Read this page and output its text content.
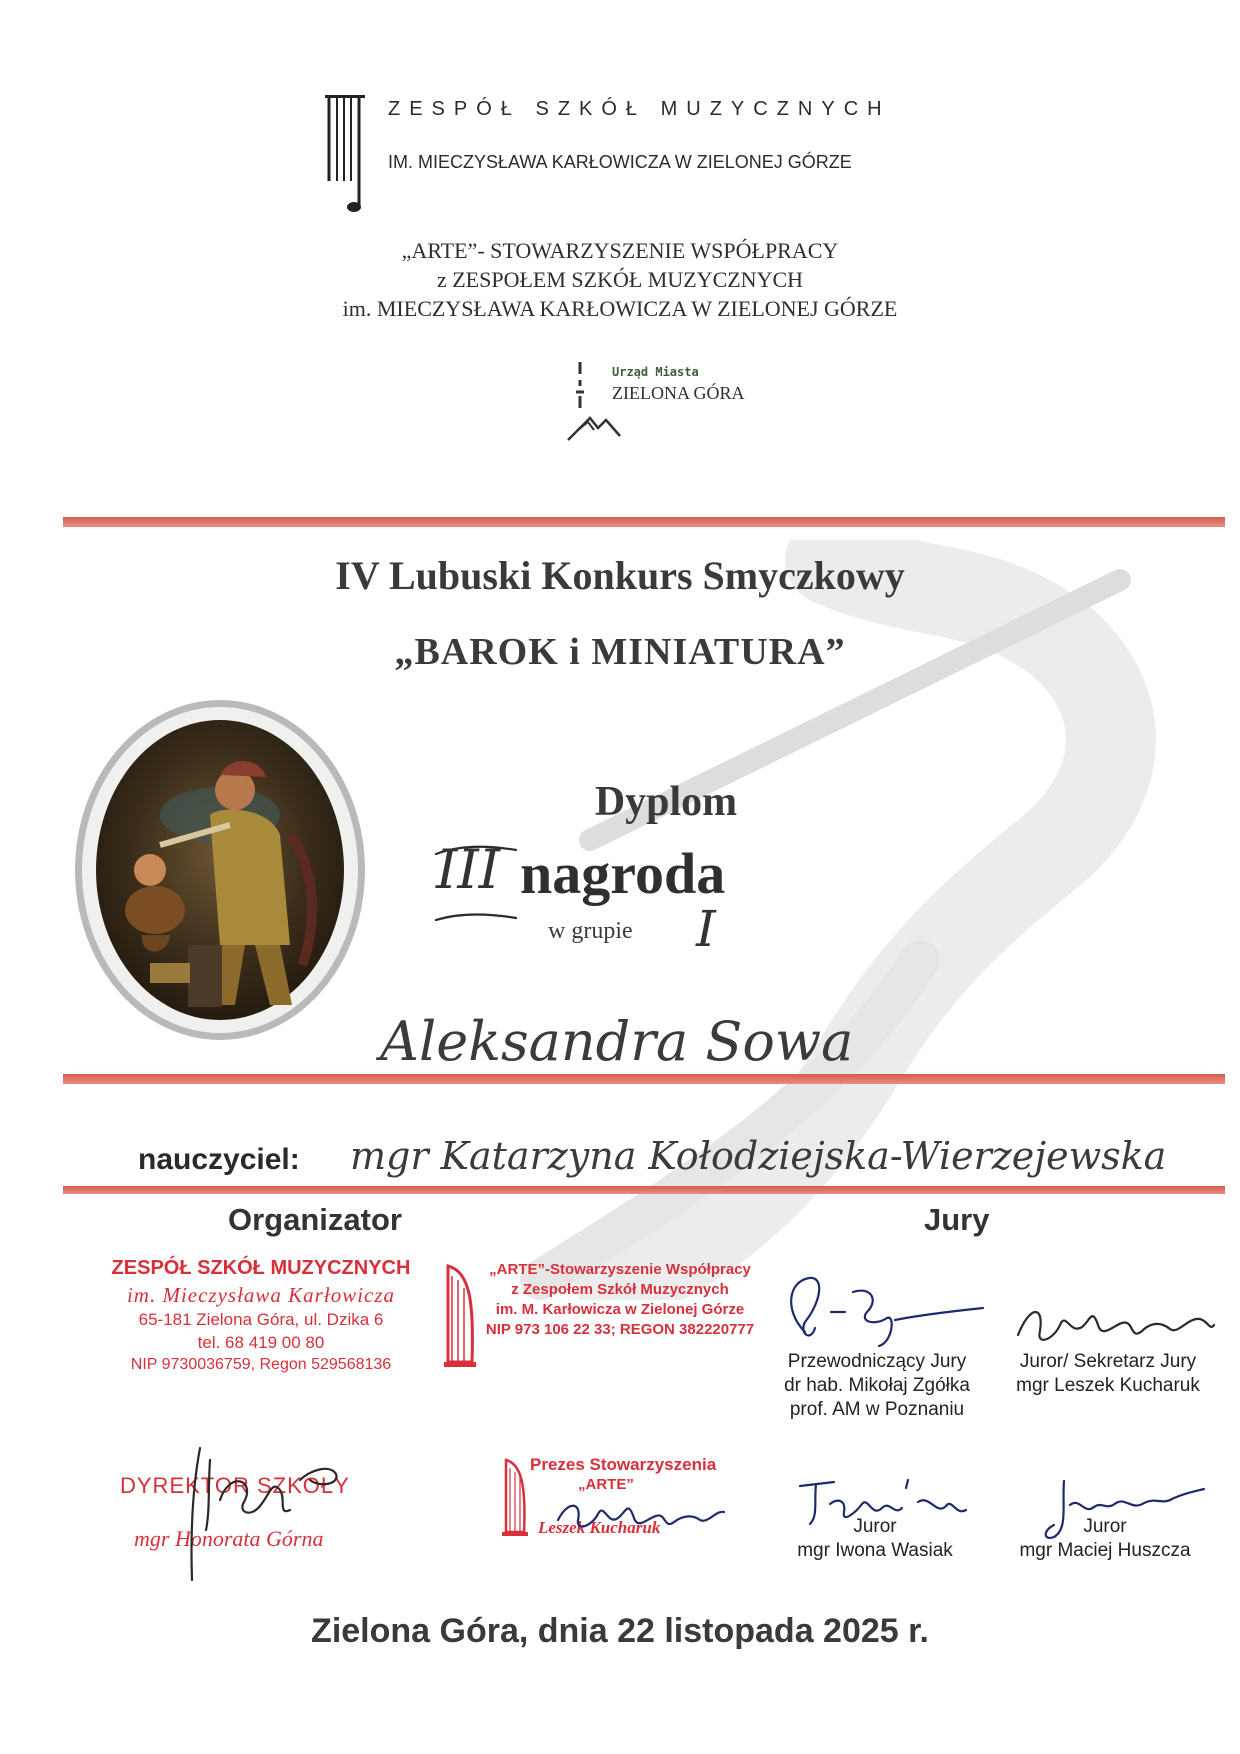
ZESPÓŁ SZKÓŁ MUZYCZNYCH
IM. MIECZYSŁAWA KARŁOWICZA W ZIELONEJ GÓRZE
„ARTE”- STOWARZYSZENIE WSPÓŁPRACY
z ZESPOŁEM SZKÓŁ MUZYCZNYCH
im. MIECZYSŁAWA KARŁOWICZA W ZIELONEJ GÓRZE
Urząd Miasta
ZIELONA GÓRA
IV Lubuski Konkurs Smyczkowy
„BAROK i MINIATURA”
Dyplom
III nagroda
w grupie I
Aleksandra Sowa
nauczyciel: mgr Katarzyna Kołodziejska-Wierzejewska
Organizator	Jury
ZESPÓŁ SZKÓŁ MUZYCZNYCH
im. Mieczysława Karłowicza
65-181 Zielona Góra, ul. Dzika 6
tel. 68 419 00 80
NIP 9730036759, Regon 529568136
„ARTE”-Stowarzyszenie Współpracy
z Zespołem Szkół Muzycznych
im. M. Karłowicza w Zielonej Górze
NIP 973 106 22 33; REGON 382220777
Przewodniczący Jury
dr hab. Mikołaj Zgółka
prof. AM w Poznaniu
Juror/ Sekretarz Jury
mgr Leszek Kucharuk
Juror
mgr Iwona Wasiak
Juror
mgr Maciej Huszcza
DYREKTOR SZKOŁY
mgr Honorata Górna
Prezes Stowarzyszenia
„ARTE”
Leszek Kucharuk
Zielona Góra, dnia 22 listopada 2025 r.
